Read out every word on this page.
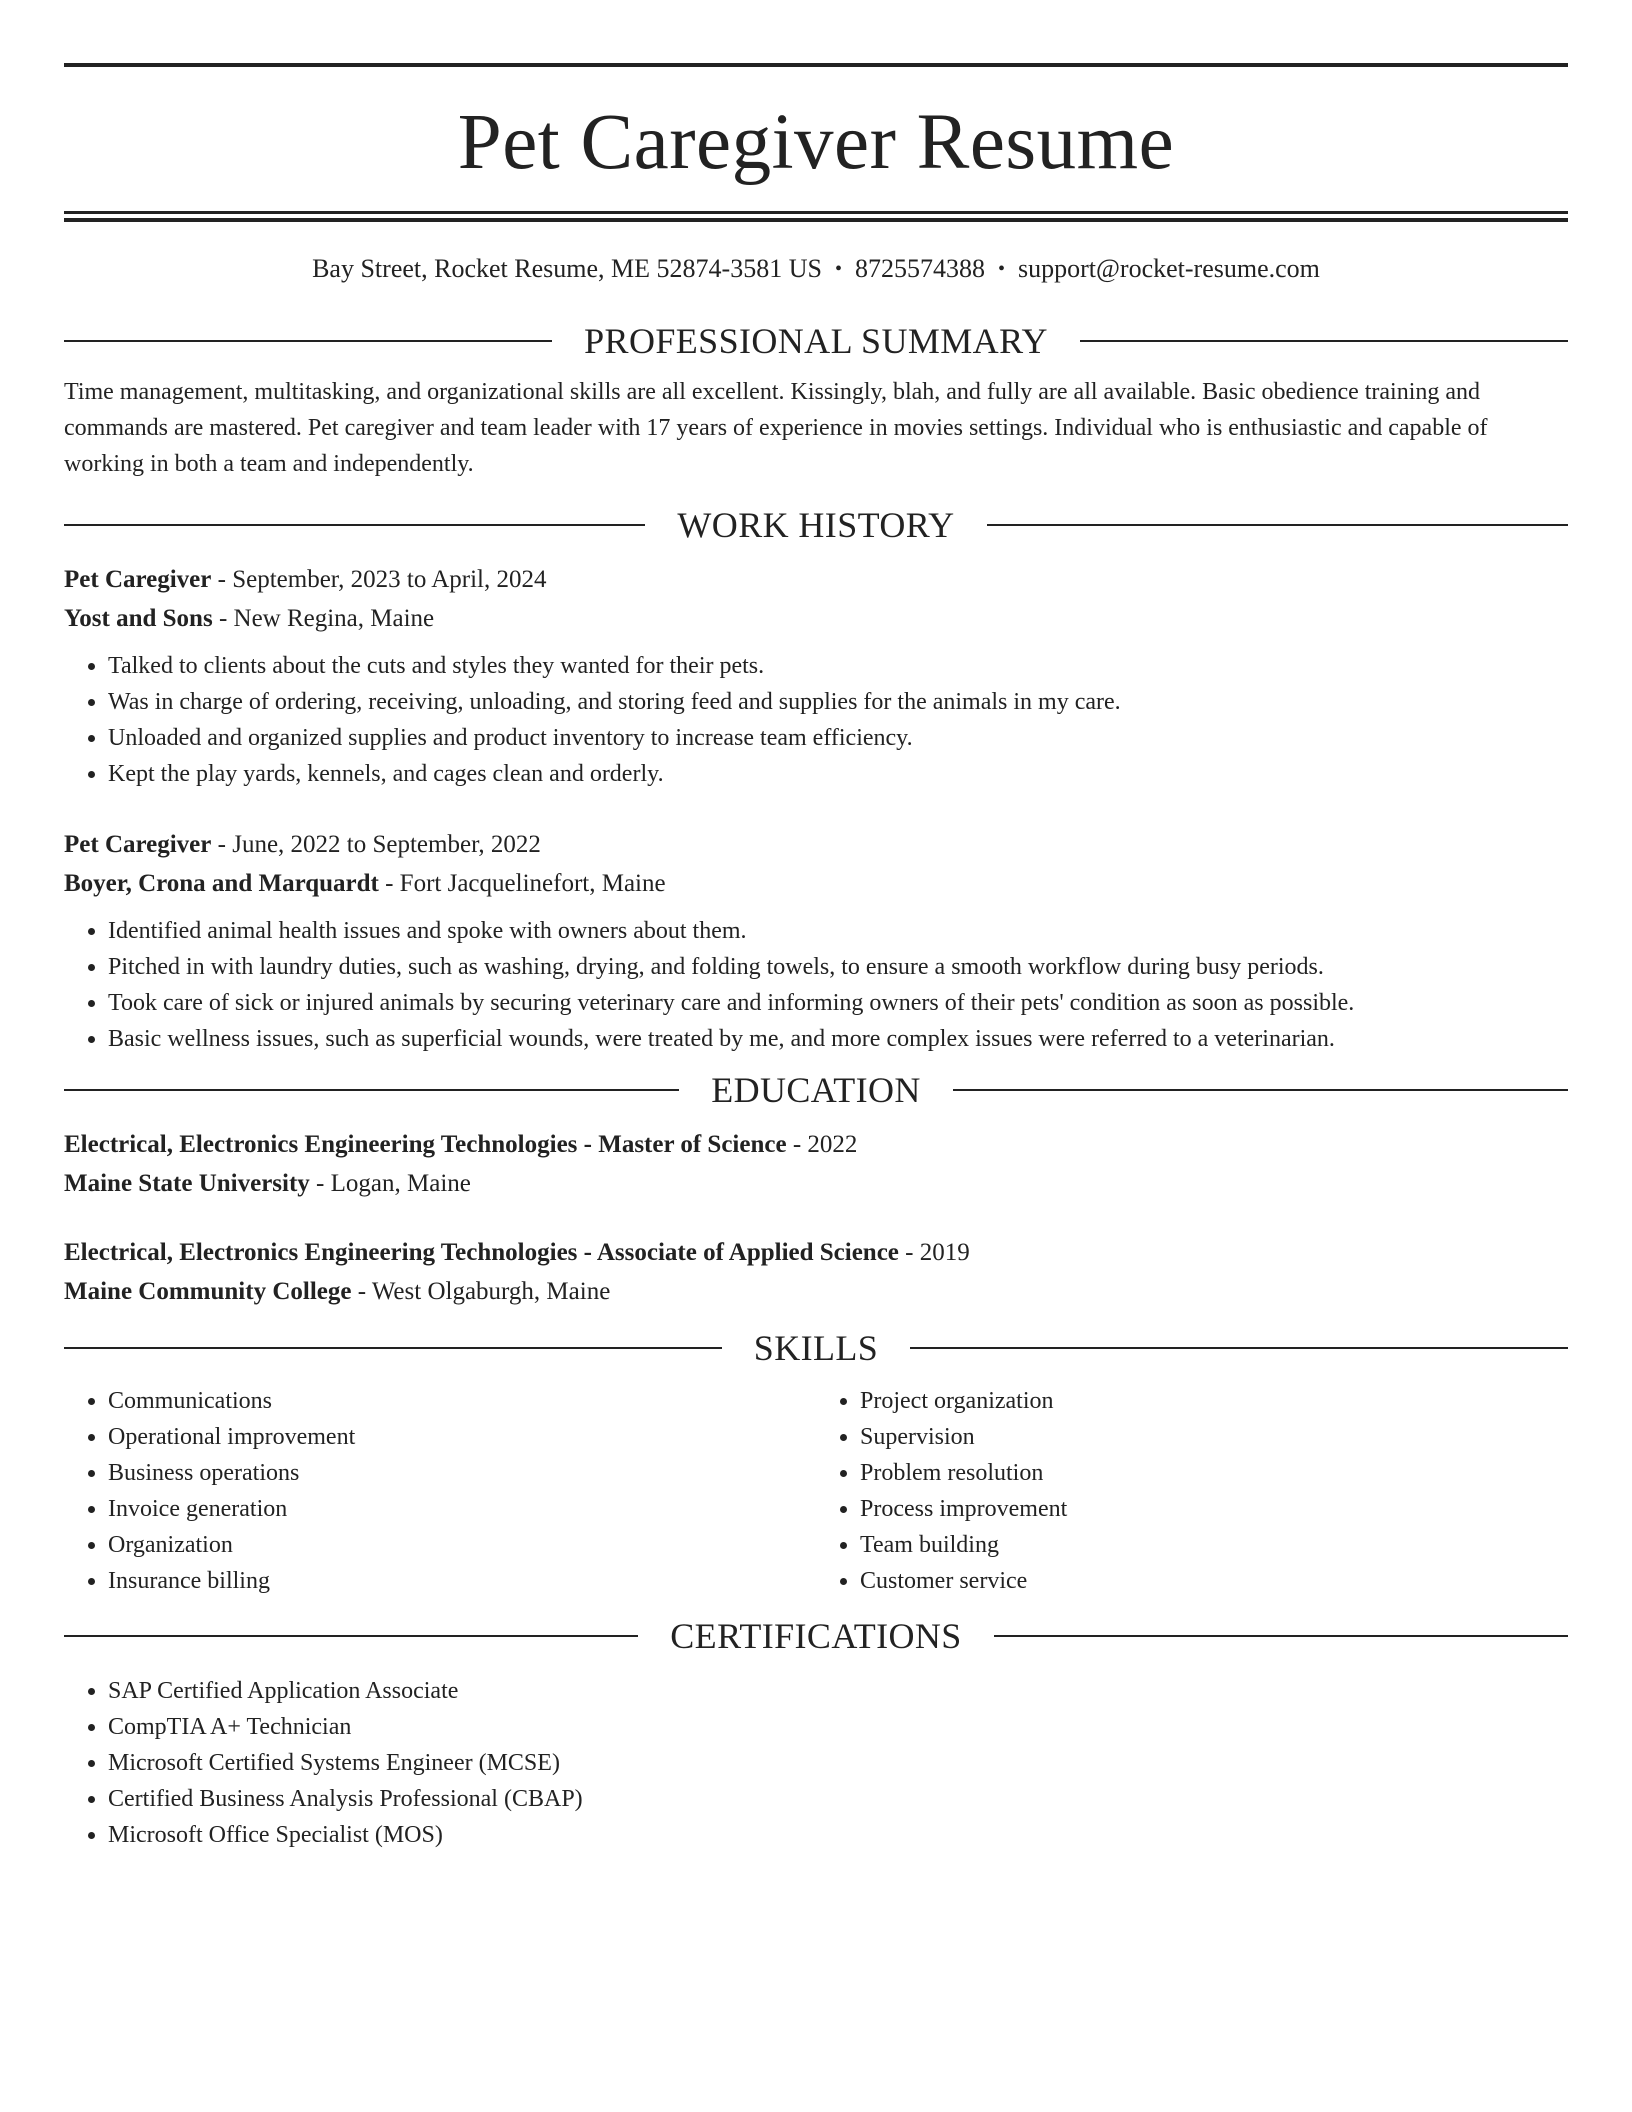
Pet Caregiver Resume
Bay Street, Rocket Resume, ME 52874-3581 US • 8725574388 • support@rocket-resume.com
PROFESSIONAL SUMMARY
Time management, multitasking, and organizational skills are all excellent. Kissingly, blah, and fully are all available. Basic obedience training and commands are mastered. Pet caregiver and team leader with 17 years of experience in movies settings. Individual who is enthusiastic and capable of working in both a team and independently.
WORK HISTORY
Pet Caregiver - September, 2023 to April, 2024
Yost and Sons - New Regina, Maine
• Talked to clients about the cuts and styles they wanted for their pets.
• Was in charge of ordering, receiving, unloading, and storing feed and supplies for the animals in my care.
• Unloaded and organized supplies and product inventory to increase team efficiency.
• Kept the play yards, kennels, and cages clean and orderly.
Pet Caregiver - June, 2022 to September, 2022
Boyer, Crona and Marquardt - Fort Jacquelinefort, Maine
• Identified animal health issues and spoke with owners about them.
• Pitched in with laundry duties, such as washing, drying, and folding towels, to ensure a smooth workflow during busy periods.
• Took care of sick or injured animals by securing veterinary care and informing owners of their pets' condition as soon as possible.
• Basic wellness issues, such as superficial wounds, were treated by me, and more complex issues were referred to a veterinarian.
EDUCATION
Electrical, Electronics Engineering Technologies - Master of Science - 2022
Maine State University - Logan, Maine
Electrical, Electronics Engineering Technologies - Associate of Applied Science - 2019
Maine Community College - West Olgaburgh, Maine
SKILLS
• Communications
• Operational improvement
• Business operations
• Invoice generation
• Organization
• Insurance billing
• Project organization
• Supervision
• Problem resolution
• Process improvement
• Team building
• Customer service
CERTIFICATIONS
• SAP Certified Application Associate
• CompTIA A+ Technician
• Microsoft Certified Systems Engineer (MCSE)
• Certified Business Analysis Professional (CBAP)
• Microsoft Office Specialist (MOS)
